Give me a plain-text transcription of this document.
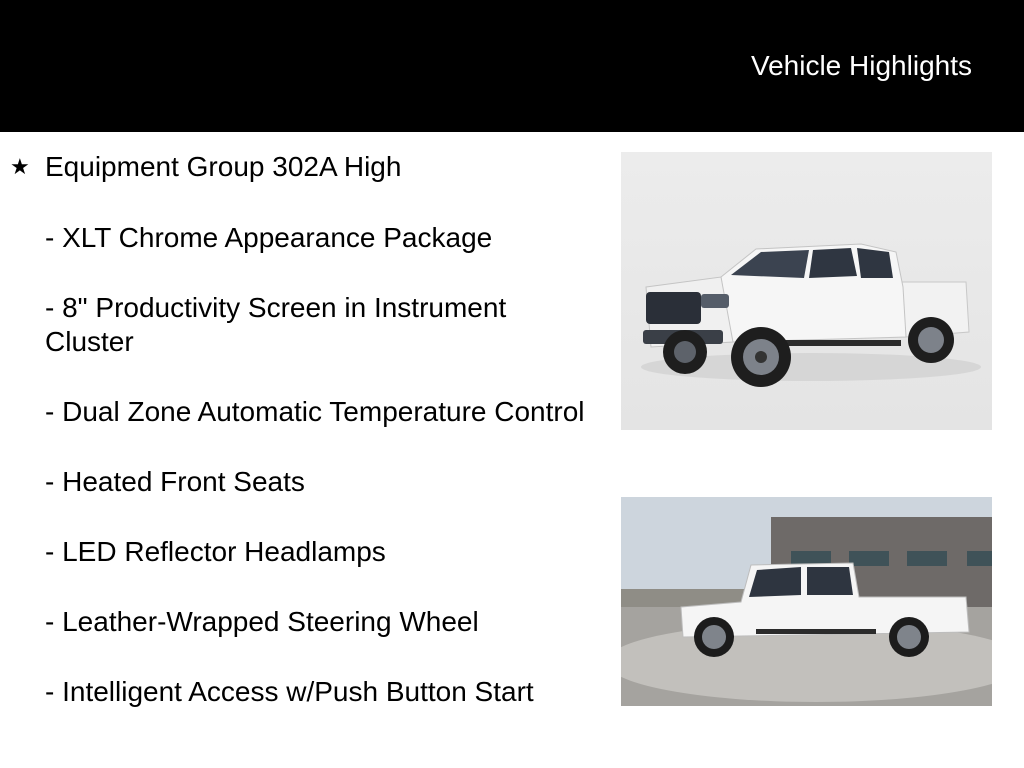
Vehicle Highlights
★ Equipment Group 302A High
- XLT Chrome Appearance Package
- 8" Productivity Screen in Instrument Cluster
- Dual Zone Automatic Temperature Control
- Heated Front Seats
- LED Reflector Headlamps
- Leather-Wrapped Steering Wheel
- Intelligent Access w/Push Button Start
